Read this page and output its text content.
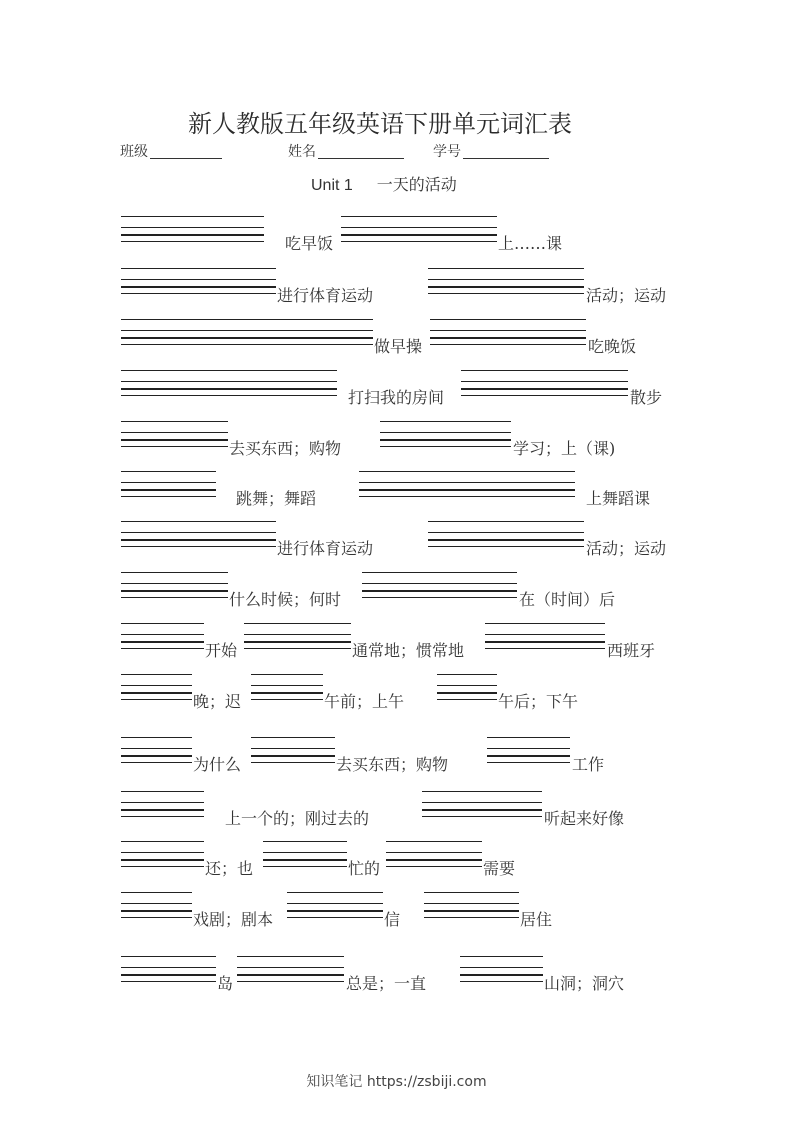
新人教版五年级英语下册单元词汇表
班级	姓名	学号
Unit 1 一天的活动
吃早饭	上……课
进行体育运动	活动；运动
做早操	吃晚饭
打扫我的房间	散步
去买东西；购物	学习；上（课)
跳舞；舞蹈	上舞蹈课
进行体育运动	活动；运动
什么时候；何时	在（时间）后
开始	通常地；惯常地	西班牙
晚；迟	午前；上午	午后；下午
为什么	去买东西；购物	工作
上一个的；刚过去的	听起来好像
还；也	忙的	需要
戏剧；剧本	信	居住
岛	总是；一直	山洞；洞穴
知识笔记 https://zsbiji.com
